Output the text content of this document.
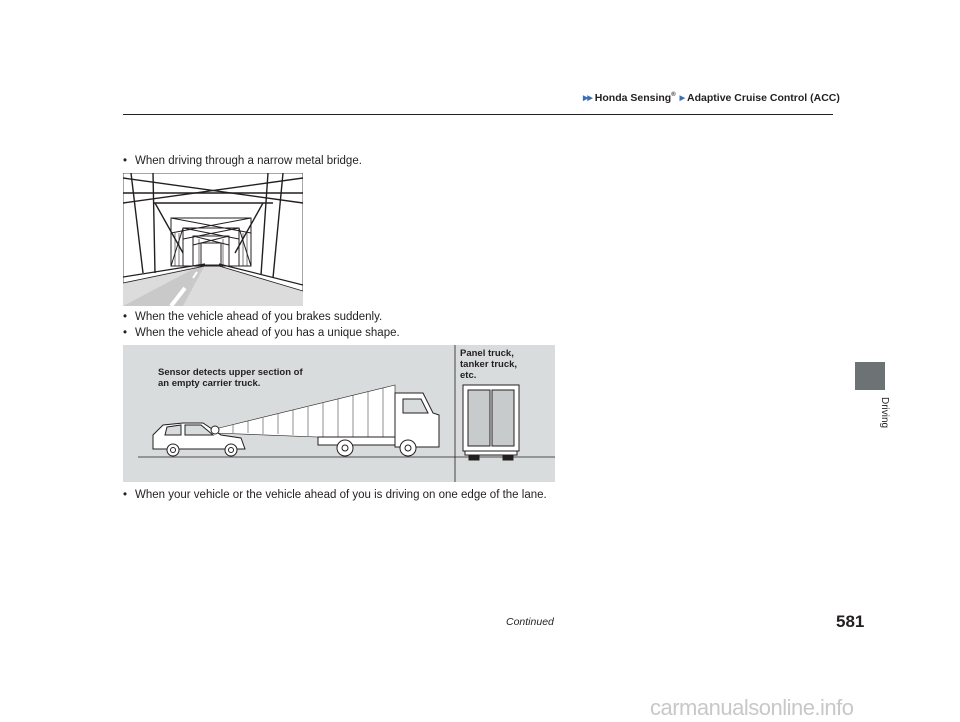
▶▶ Honda Sensing® ▶ Adaptive Cruise Control (ACC)
• When driving through a narrow metal bridge.
• When the vehicle ahead of you brakes suddenly.
• When the vehicle ahead of you has a unique shape.
Sensor detects upper section of
an empty carrier truck.
Panel truck,
tanker truck,
etc.
• When your vehicle or the vehicle ahead of you is driving on one edge of the lane.
Driving
Continued	581
carmanualsonline.info
